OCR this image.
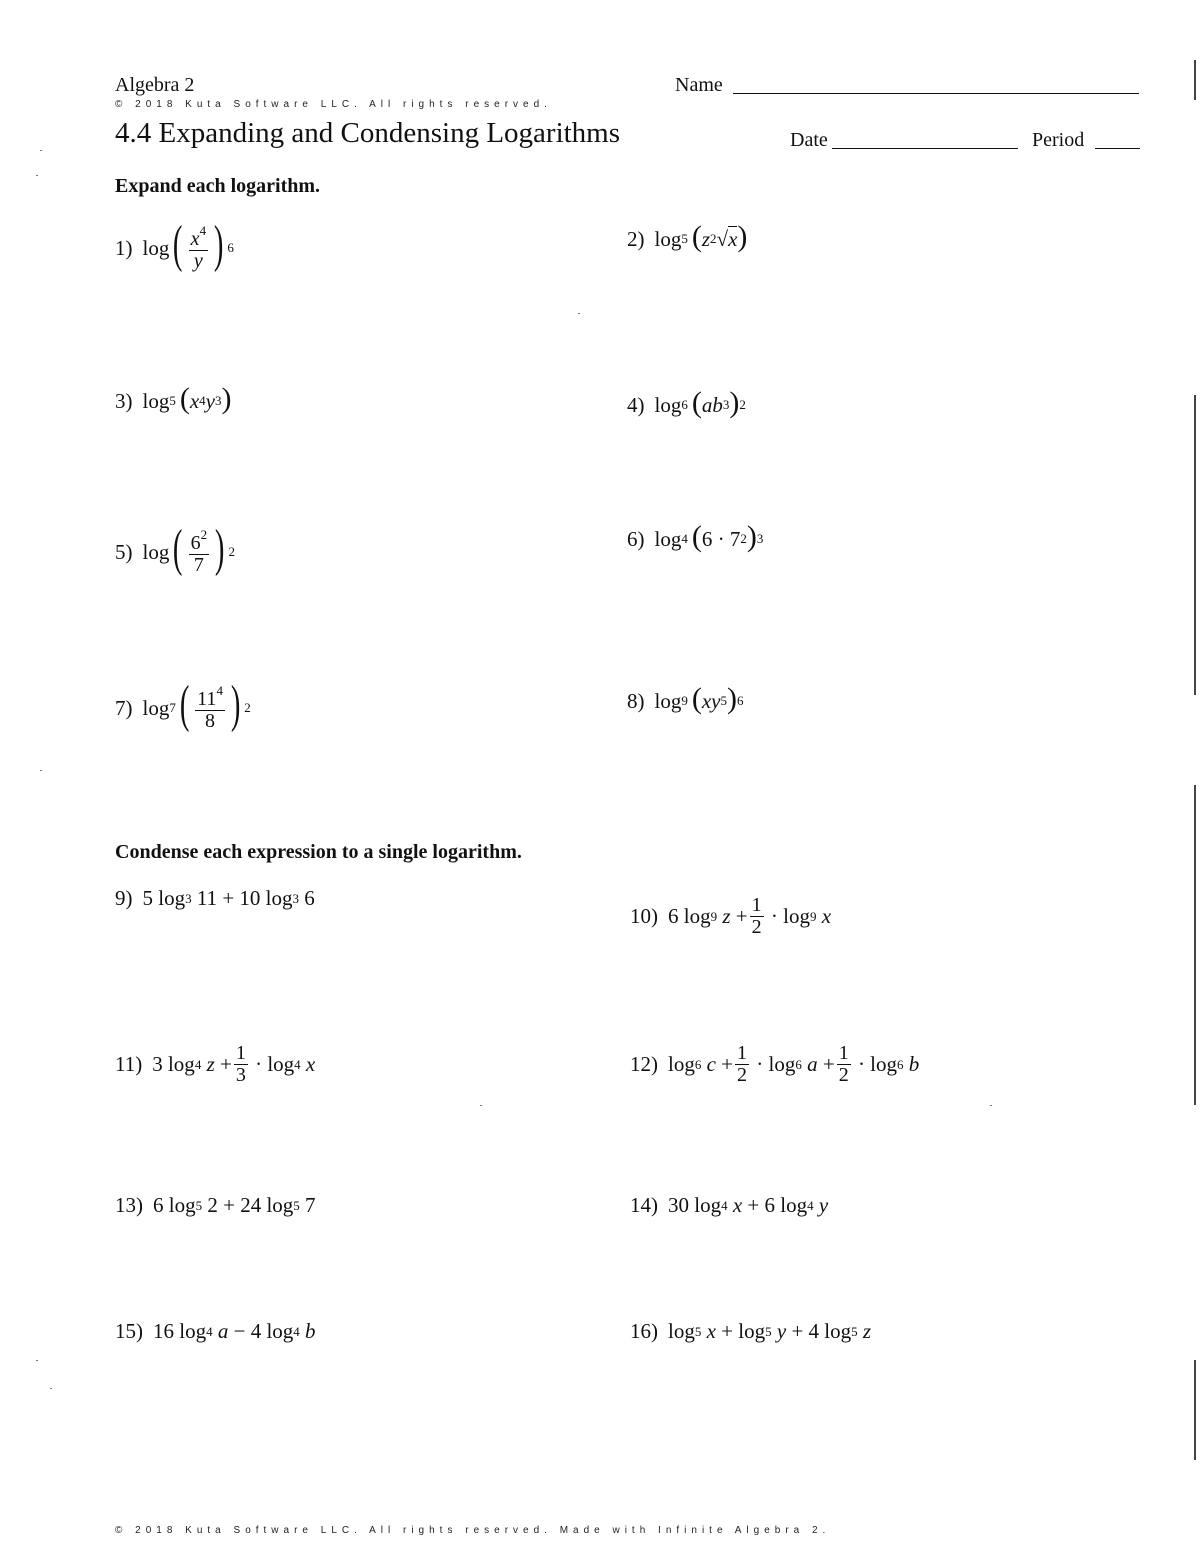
Algebra 2
© 2018 Kuta Software LLC. All rights reserved.
4.4 Expanding and Condensing Logarithms
Name
Date	Period
Expand each logarithm.
1) log ( $\frac{x^4}{y}$ ) 6	2) log 5 ( z 2 √ x )
3) log 5 ( x 4 y 3 )	4) log 6 ( ab 3 ) 2
5) log ( $\frac{6^2}{7}$ ) 2
6) log 4 ( 6 · 7 2 ) 3
7) log 7 ( $\frac{11^4}{8}$ ) 2	8) log 9 ( xy 5 ) 6
Condense each expression to a single logarithm.
9) 5 log 3
11
+
10 log 3
6
10) 6 log 9
z
+ $\frac{1}{2} \cdot \log 9$
x
11) 3 log 4
z
+ $\frac{1}{3} \cdot \log 4$
x	12) log 6
c
+ $\frac{1}{2} \cdot \log 6$
a
+ $\frac{1}{2} \cdot \log 6$
b
13) 6 log 5
2
+
24 log 5
7	14) 30 log 4
x
+
6 log 4
y
15) 16 log 4
a
−
4 log 4
b	16) log 5
x
+ log 5
y
+
4 log 5
z
© 2018 Kuta Software LLC. All rights reserved. Made with Infinite Algebra 2.
